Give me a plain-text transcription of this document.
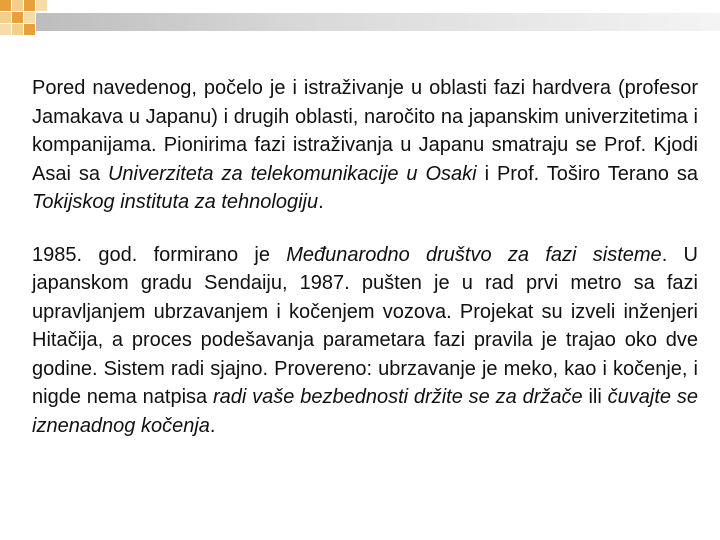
Pored navedenog, počelo je i istraživanje u oblasti fazi hardvera (profesor Jamakava u Japanu) i drugih oblasti, naročito na japanskim univerzitetima i kompanijama. Pionirima fazi istraživanja u Japanu smatraju se Prof. Kjodi Asai sa Univerziteta za telekomunikacije u Osaki i Prof. Toširo Terano sa Tokijskog instituta za tehnologiju.

1985. god. formirano je Međunarodno društvo za fazi sisteme. U japanskom gradu Sendaiju, 1987. pušten je u rad prvi metro sa fazi upravljanjem ubrzavanjem i kočenjem vozova. Projekat su izveli inženjeri Hitačija, a proces podešavanja parametara fazi pravila je trajao oko dve godine. Sistem radi sjajno. Provereno: ubrzavanje je meko, kao i kočenje, i nigde nema natpisa radi vaše bezbednosti držite se za držače ili čuvajte se iznenadnog kočenja.
